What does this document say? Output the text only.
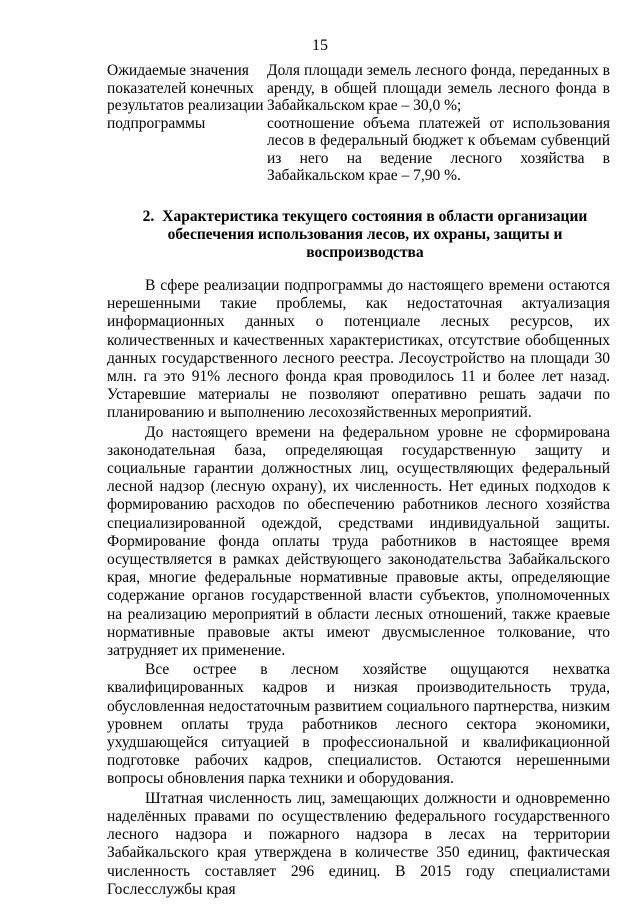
15
Ожидаемые значения показателей конечных результатов реализации подпрограммы

Доля площади земель лесного фонда, переданных в аренду, в общей площади земель лесного фонда в Забайкальском крае – 30,0 %;

соотношение объема платежей от использования лесов в федеральный бюджет к объемам субвенций из него на ведение лесного хозяйства в Забайкальском крае – 7,90 %.

2. Характеристика текущего состояния в области организации обеспечения использования лесов, их охраны, защиты и воспроизводства

В сфере реализации подпрограммы до настоящего времени остаются нерешенными такие проблемы, как недостаточная актуализация информационных данных о потенциале лесных ресурсов, их количественных и качественных характеристиках, отсутствие обобщенных данных государственного лесного реестра. Лесоустройство на площади 30 млн. га это 91% лесного фонда края проводилось 11 и более лет назад. Устаревшие материалы не позволяют оперативно решать задачи по планированию и выполнению лесохозяйственных мероприятий.

До настоящего времени на федеральном уровне не сформирована законодательная база, определяющая государственную защиту и социальные гарантии должностных лиц, осуществляющих федеральный лесной надзор (лесную охрану), их численность. Нет единых подходов к формированию расходов по обеспечению работников лесного хозяйства специализированной одеждой, средствами индивидуальной защиты. Формирование фонда оплаты труда работников в настоящее время осуществляется в рамках действующего законодательства Забайкальского края, многие федеральные нормативные правовые акты, определяющие содержание органов государственной власти субъектов, уполномоченных на реализацию мероприятий в области лесных отношений, также краевые нормативные правовые акты имеют двусмысленное толкование, что затрудняет их применение.

Все острее в лесном хозяйстве ощущаются нехватка квалифицированных кадров и низкая производительность труда, обусловленная недостаточным развитием социального партнерства, низким уровнем оплаты труда работников лесного сектора экономики, ухудшающейся ситуацией в профессиональной и квалификационной подготовке рабочих кадров, специалистов. Остаются нерешенными вопросы обновления парка техники и оборудования.

Штатная численность лиц, замещающих должности и одновременно наделённых правами по осуществлению федерального государственного лесного надзора и пожарного надзора в лесах на территории Забайкальского края утверждена в количестве 350 единиц, фактическая численность составляет 296 единиц. В 2015 году специалистами Гослесслужбы края
